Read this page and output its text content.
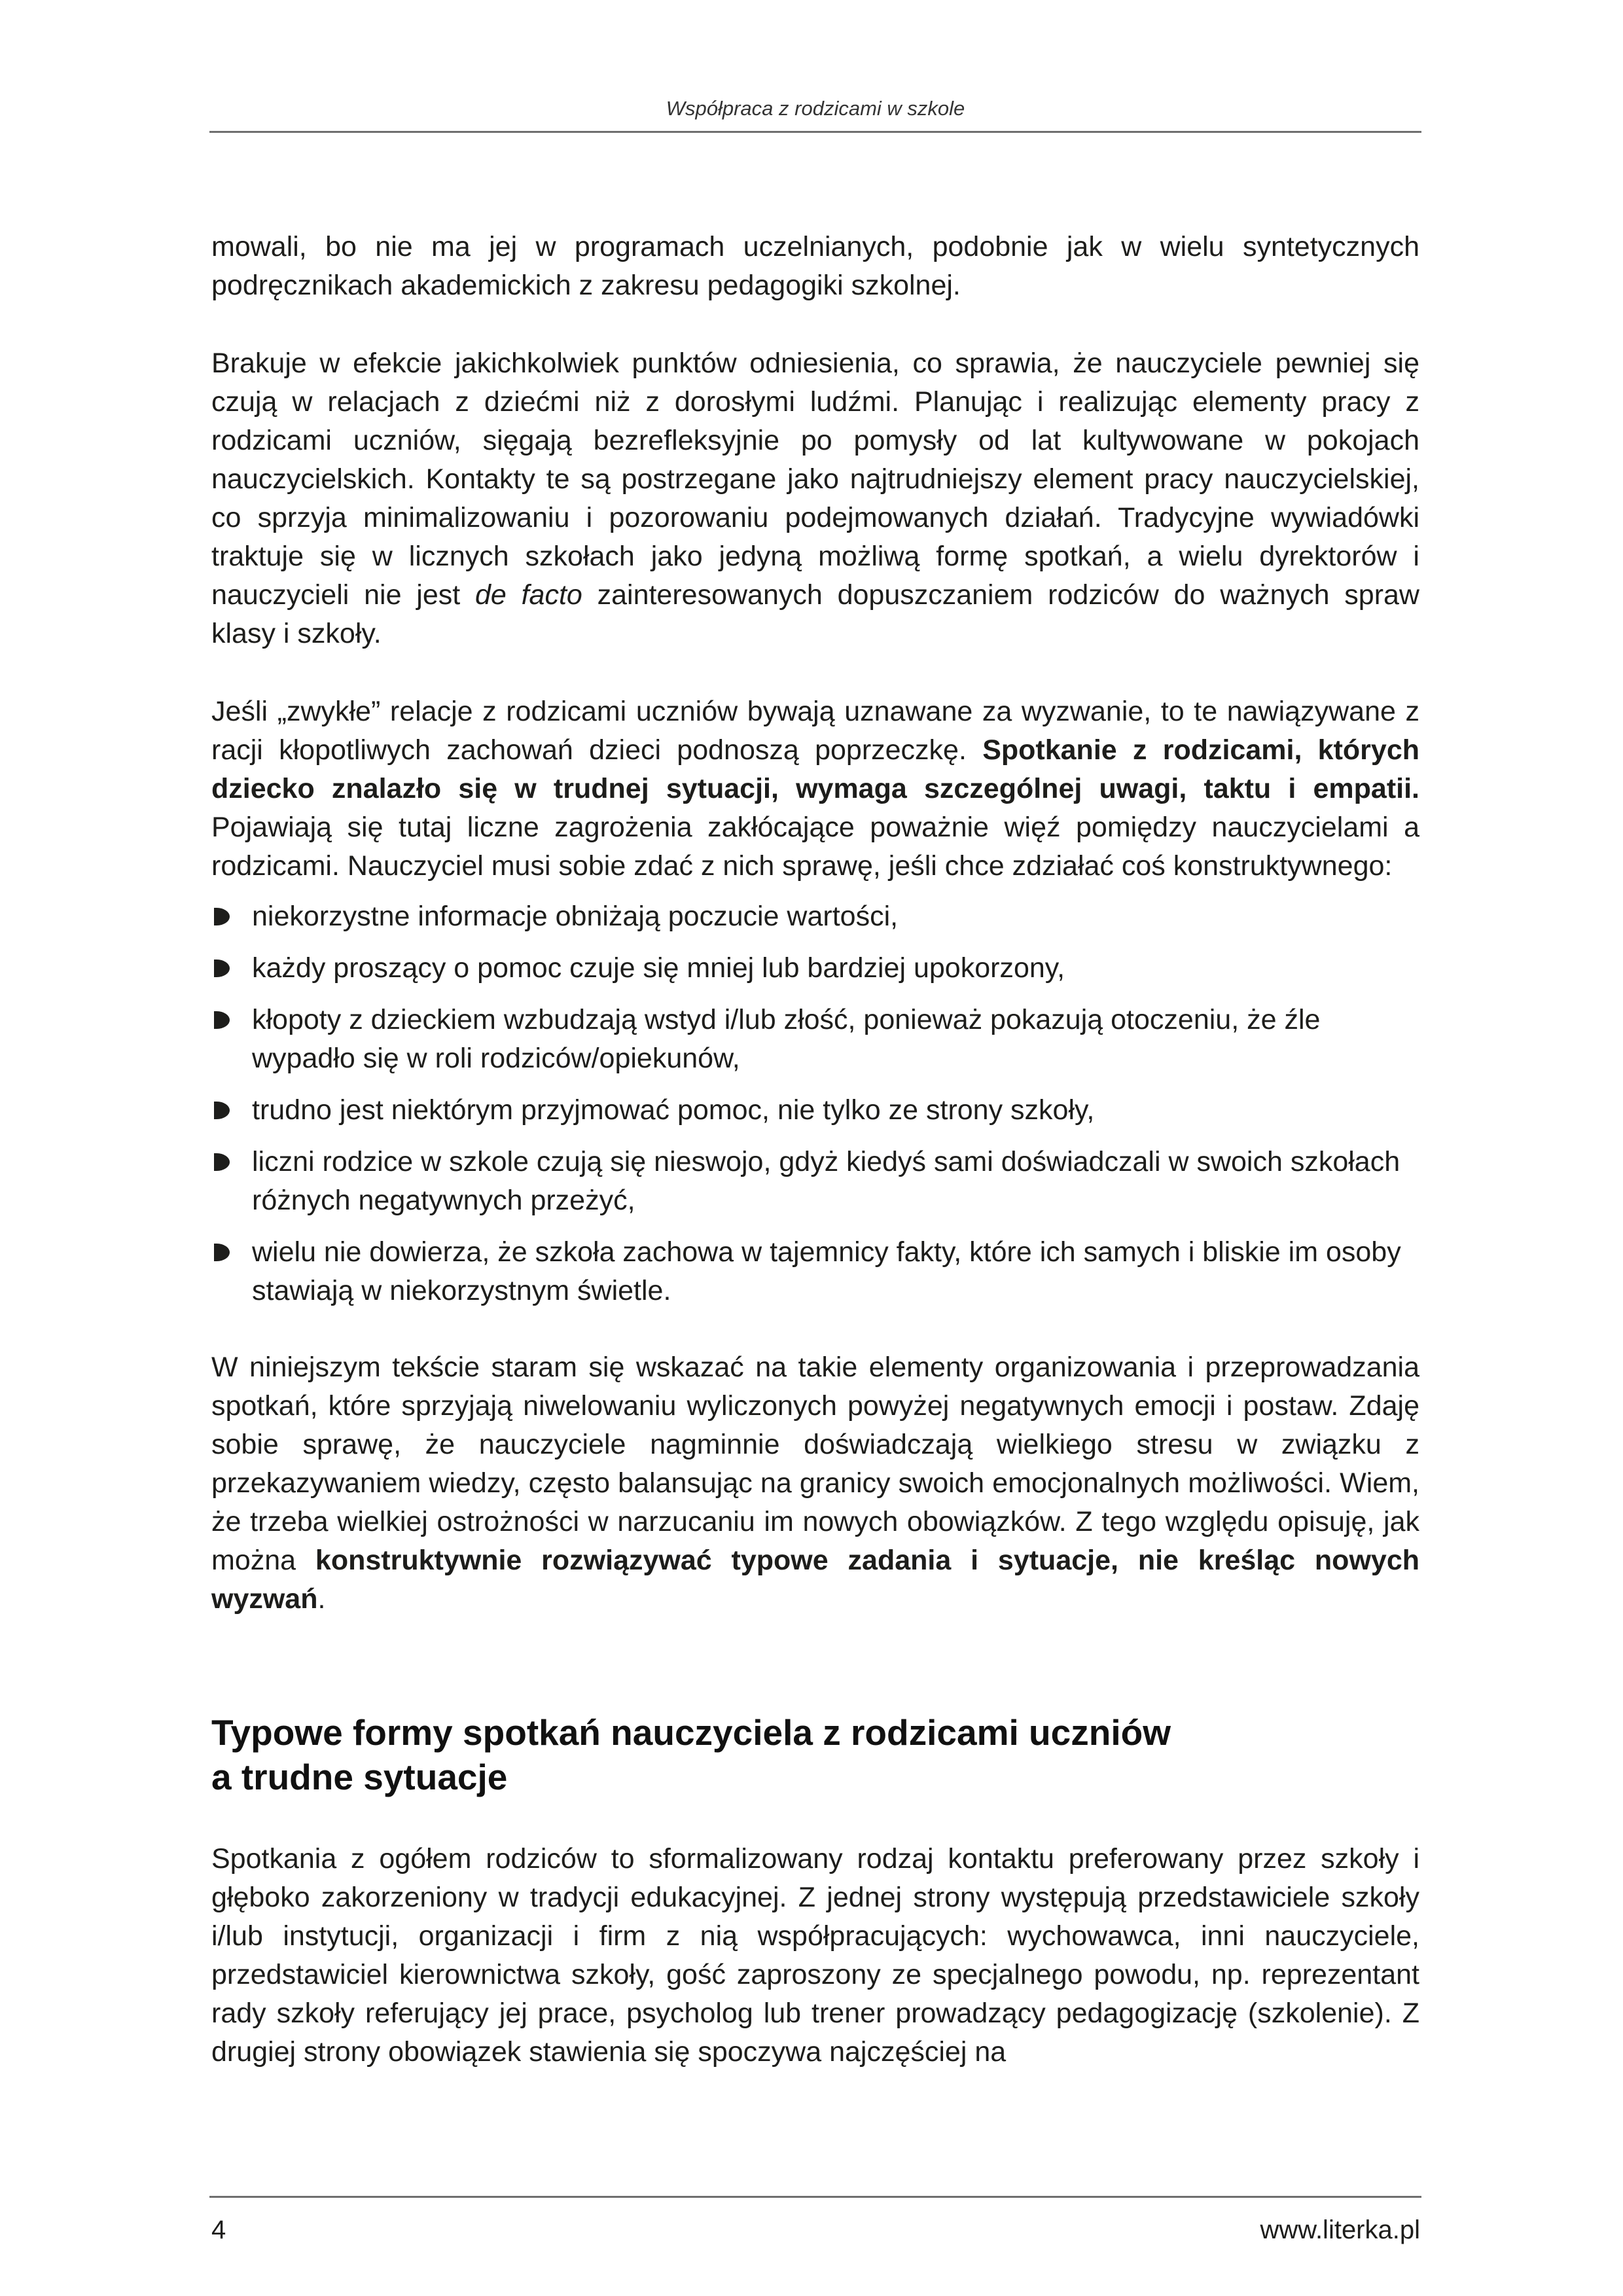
Współpraca z rodzicami w szkole

mowali, bo nie ma jej w programach uczelnianych, podobnie jak w wielu syntetycznych podręcznikach akademickich z zakresu pedagogiki szkolnej.

Brakuje w efekcie jakichkolwiek punktów odniesienia, co sprawia, że nauczyciele pewniej się czują w relacjach z dziećmi niż z dorosłymi ludźmi. Planując i realizując elementy pracy z rodzicami uczniów, sięgają bezrefleksyjnie po pomysły od lat kultywowane w pokojach nauczycielskich. Kontakty te są postrzegane jako najtrudniejszy element pracy nauczycielskiej, co sprzyja minimalizowaniu i pozorowaniu podejmowanych działań. Tradycyjne wywiadówki traktuje się w licznych szkołach jako jedyną możliwą formę spotkań, a wielu dyrektorów i nauczycieli nie jest de facto zainteresowanych dopuszczaniem rodziców do ważnych spraw klasy i szkoły.

Jeśli „zwykłe” relacje z rodzicami uczniów bywają uznawane za wyzwanie, to te nawiązywane z racji kłopotliwych zachowań dzieci podnoszą poprzeczkę. Spotkanie z rodzicami, których dziecko znalazło się w trudnej sytuacji, wymaga szczególnej uwagi, taktu i empatii. Pojawiają się tutaj liczne zagrożenia zakłócające poważnie więź pomiędzy nauczycielami a rodzicami. Nauczyciel musi sobie zdać z nich sprawę, jeśli chce zdziałać coś konstruktywnego:

niekorzystne informacje obniżają poczucie wartości,
każdy proszący o pomoc czuje się mniej lub bardziej upokorzony,
kłopoty z dzieckiem wzbudzają wstyd i/lub złość, ponieważ pokazują otoczeniu, że źle wypadło się w roli rodziców/opiekunów,
trudno jest niektórym przyjmować pomoc, nie tylko ze strony szkoły,
liczni rodzice w szkole czują się nieswojo, gdyż kiedyś sami doświadczali w swoich szkołach różnych negatywnych przeżyć,
wielu nie dowierza, że szkoła zachowa w tajemnicy fakty, które ich samych i bliskie im osoby stawiają w niekorzystnym świetle.

W niniejszym tekście staram się wskazać na takie elementy organizowania i przeprowadzania spotkań, które sprzyjają niwelowaniu wyliczonych powyżej negatywnych emocji i postaw. Zdaję sobie sprawę, że nauczyciele nagminnie doświadczają wielkiego stresu w związku z przekazywaniem wiedzy, często balansując na granicy swoich emocjonalnych możliwości. Wiem, że trzeba wielkiej ostrożności w narzucaniu im nowych obowiązków. Z tego względu opisuję, jak można konstruktywnie rozwiązywać typowe zadania i sytuacje, nie kreśląc nowych wyzwań.

Typowe formy spotkań nauczyciela z rodzicami uczniów
a trudne sytuacje

Spotkania z ogółem rodziców to sformalizowany rodzaj kontaktu preferowany przez szkoły i głęboko zakorzeniony w tradycji edukacyjnej. Z jednej strony występują przedstawiciele szkoły i/lub instytucji, organizacji i firm z nią współpracujących: wychowawca, inni nauczyciele, przedstawiciel kierownictwa szkoły, gość zaproszony ze specjalnego powodu, np. reprezentant rady szkoły referujący jej prace, psycholog lub trener prowadzący pedagogizację (szkolenie). Z drugiej strony obowiązek stawienia się spoczywa najczęściej na

4	www.literka.pl
